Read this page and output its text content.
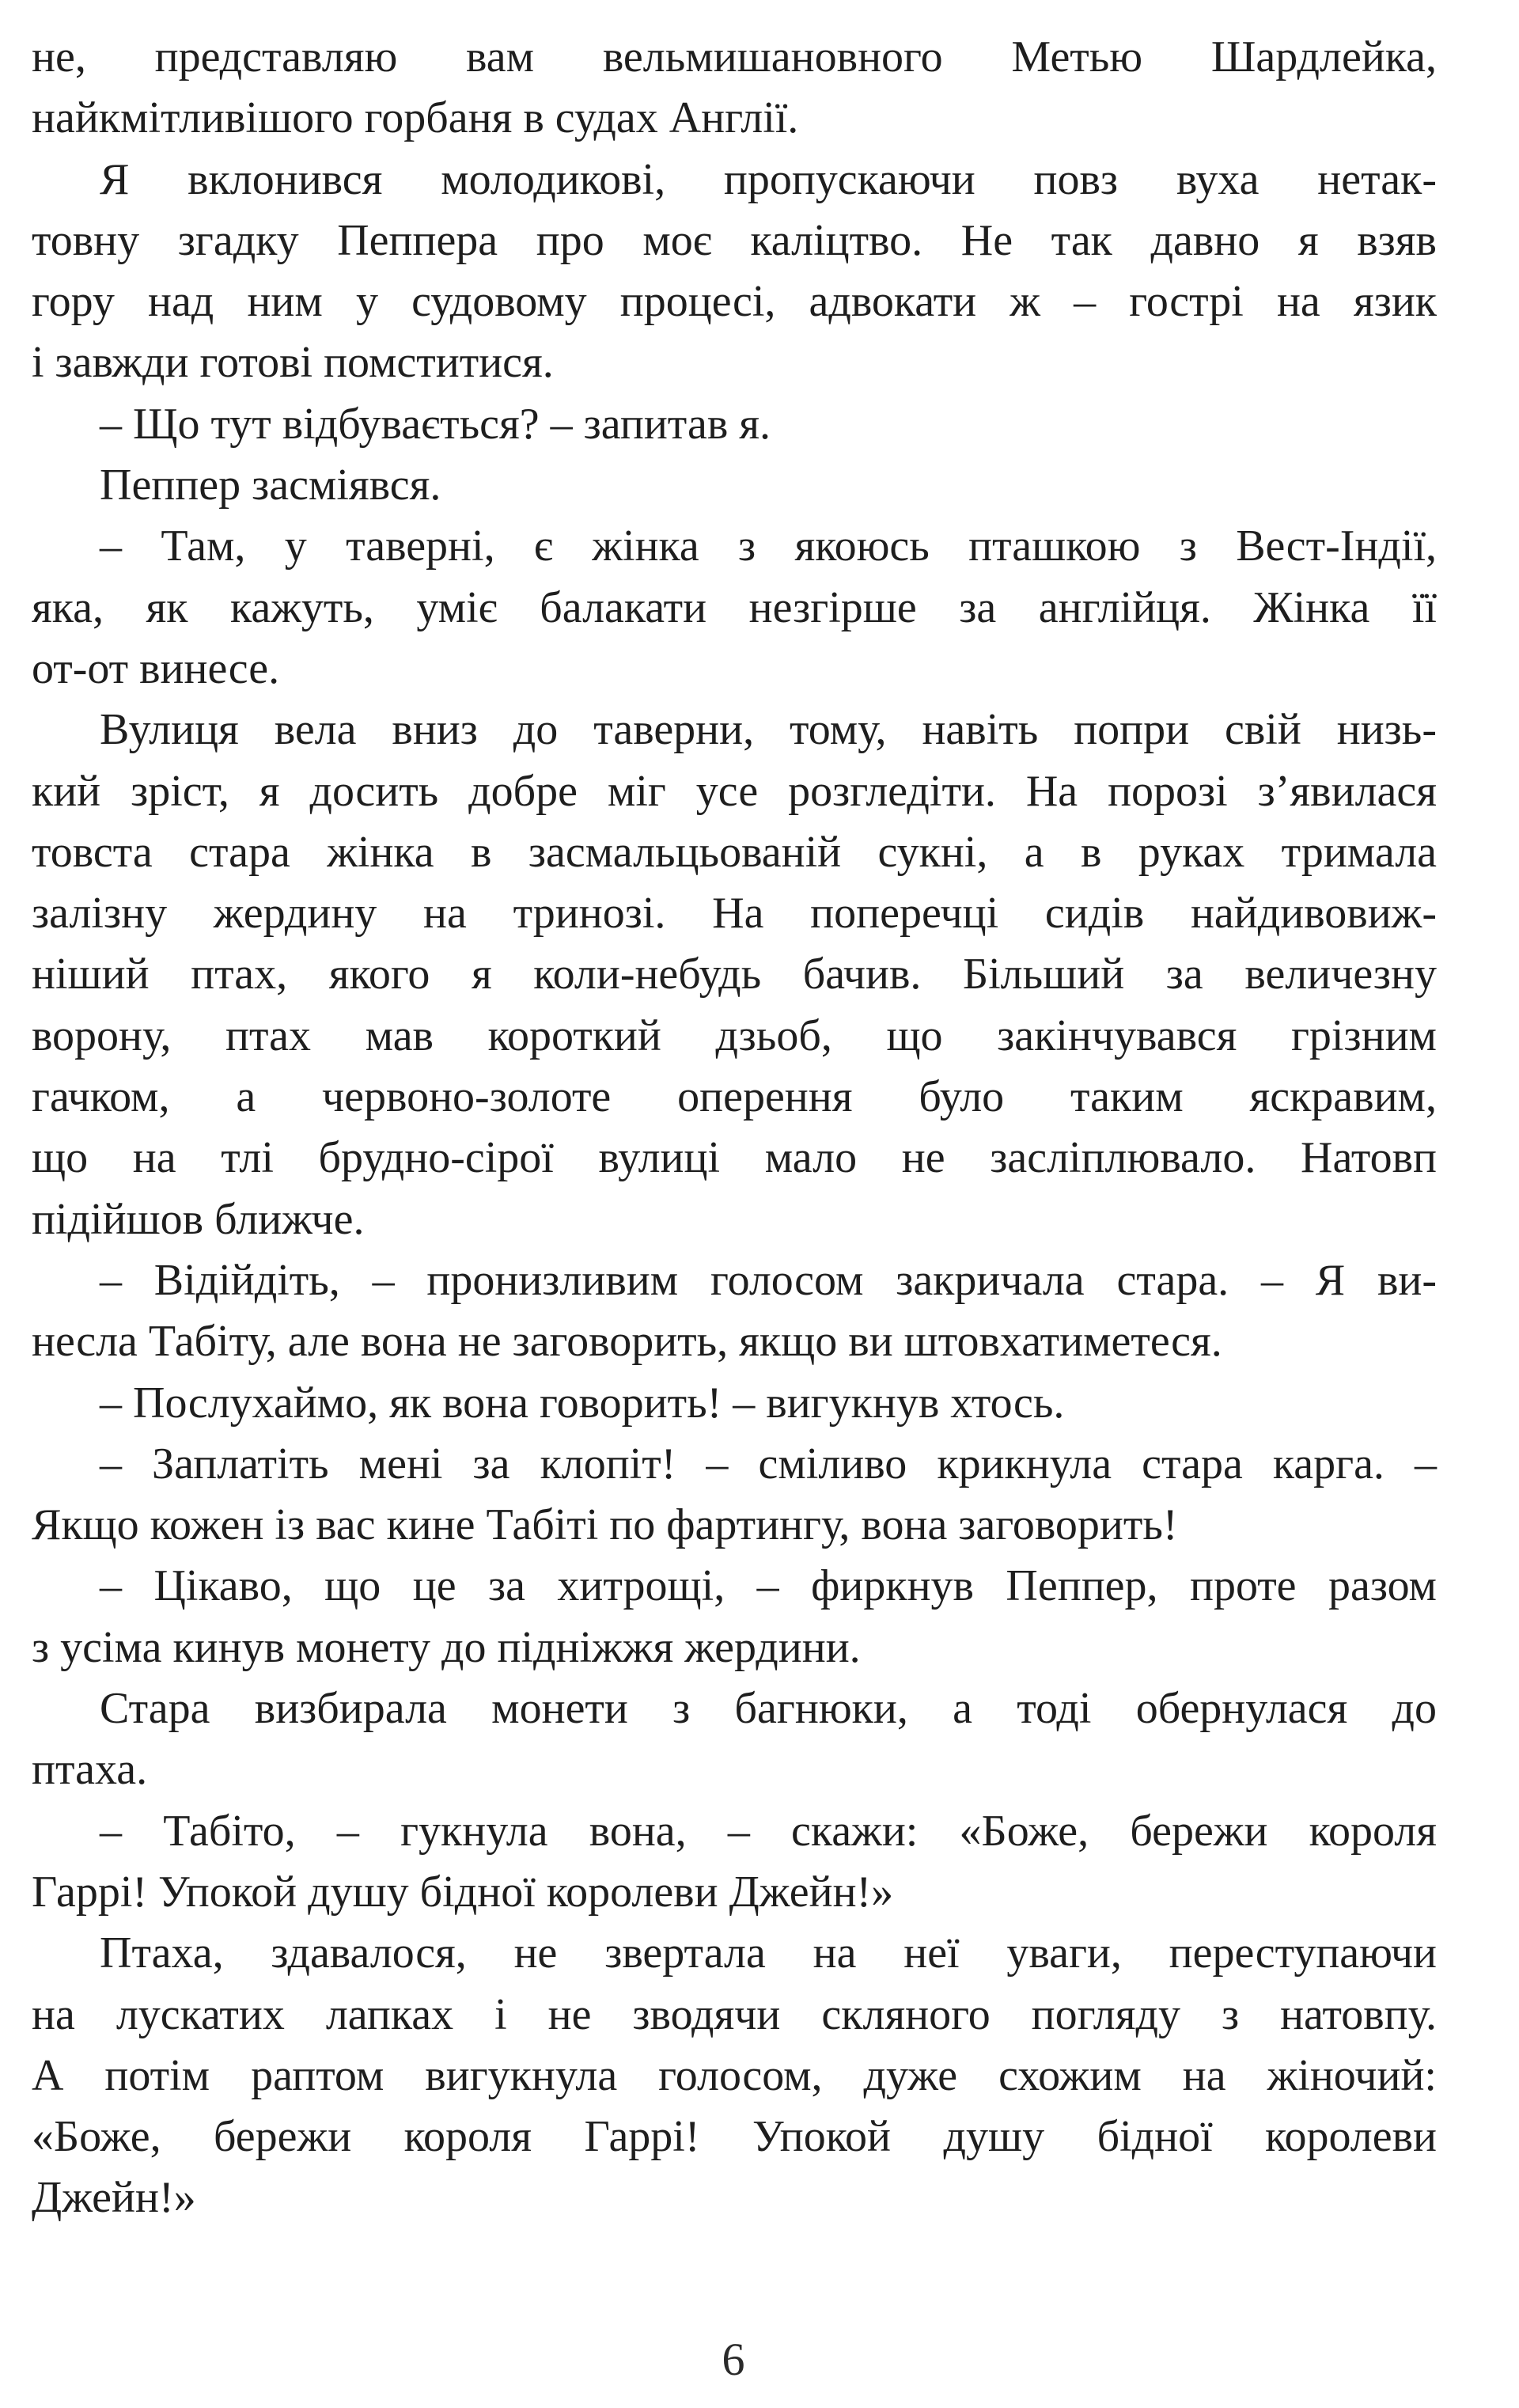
не, представляю вам вельмишановного Метью Шардлейка,
найкмітливішого горбаня в судах Англії.
Я вклонився молодикові, пропускаючи повз вуха нетак-
товну згадку Пеппера про моє каліцтво. Не так давно я взяв
гору над ним у судовому процесі, адвокати ж – гострі на язик
і завжди готові помститися.
– Що тут відбувається? – запитав я.
Пеппер засміявся.
– Там, у таверні, є жінка з якоюсь пташкою з Вест-Індії,
яка, як кажуть, уміє балакати незгірше за англійця. Жінка її
от-от винесе.
Вулиця вела вниз до таверни, тому, навіть попри свій низь-
кий зріст, я досить добре міг усе розгледіти. На порозі з’явилася
товста стара жінка в засмальцьованій сукні, а в руках тримала
залізну жердину на тринозі. На поперечці сидів найдивовиж-
ніший птах, якого я коли-небудь бачив. Більший за величезну
ворону, птах мав короткий дзьоб, що закінчувався грізним
гачком, а червоно-золоте оперення було таким яскравим,
що на тлі брудно-сірої вулиці мало не засліплювало. Натовп
підійшов ближче.
– Відійдіть, – пронизливим голосом закричала стара. – Я ви-
несла Табіту, але вона не заговорить, якщо ви штовхатиметеся.
– Послухаймо, як вона говорить! – вигукнув хтось.
– Заплатіть мені за клопіт! – сміливо крикнула стара карга. –
Якщо кожен із вас кине Табіті по фартингу, вона заговорить!
– Цікаво, що це за хитрощі, – фиркнув Пеппер, проте разом
з усіма кинув монету до підніжжя жердини.
Стара визбирала монети з багнюки, а тоді обернулася до
птаха.
– Табіто, – гукнула вона, – скажи: «Боже, бережи короля
Гаррі! Упокой душу бідної королеви Джейн!»
Птаха, здавалося, не звертала на неї уваги, переступаючи
на лускатих лапках і не зводячи скляного погляду з натовпу.
А потім раптом вигукнула голосом, дуже схожим на жіночий:
«Боже, бережи короля Гаррі! Упокой душу бідної королеви
Джейн!»
6
